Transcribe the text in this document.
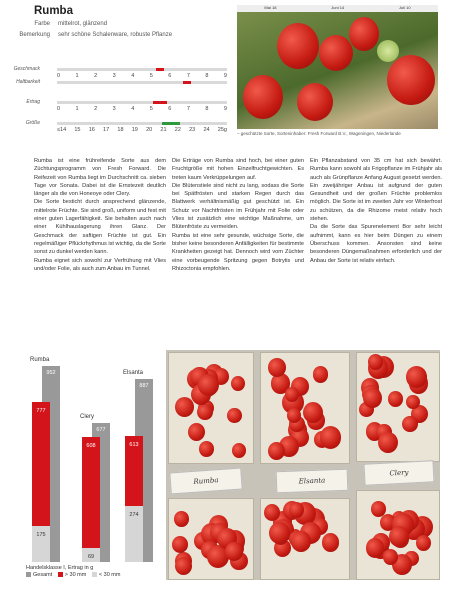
Rumba
Farbe mittelrot, glänzend
Bemerkung sehr schöne Schalenware, robuste Pflanze
Geschmack
0	1	2	3	4	5	6	7	8	9
Haltbarkeit
Ertrag
0	1	2	3	4	5	6	7	8	9
Größe
≤14 15 16 17 18 19 20 21 22 23 24 25g
Mai 18	Juni 14	Juli 10
– geschützte Sorte, Sorteninhaber: Fresh Forward B.V., Wageningen, Niederlande

Rumba ist eine frühreifende Sorte aus dem Züchtungsprogramm von Fresh Forward. Die Reifezeit von Rumba liegt im Durchschnitt ca. sieben Tage vor Sonata. Dabei ist die Ernstezeit deutlich länger als die von Honeoye oder Clery.

Die Sorte besticht durch ansprechend glänzende, mittelrote Früchte. Sie sind groß, uniform und fest mit einer guten Lagerfähigkeit. Sie behalten auch nach einer Kühlhauslagerung ihren Glanz. Der Geschmack der saftigen Früchte ist gut. Ein regelmäßiger Pflückrhythmus ist wichtig, da die Sorte sonst zu dunkel werden kann.

Rumba eignet sich sowohl zur Verfrühung mit Vlies und/oder Folie, als auch zum Anbau im Tunnel.

Die Erträge von Rumba sind hoch, bei einer guten Fruchtgröße mit hohen Einzelfruchtgewichten. Es treten kaum Verkrüppelungen auf.

Die Blütenstiele sind nicht zu lang, sodass die Sorte bei Spätfrösten und starken Regen durch das Blattwerk verhältnismäßig gut geschützt ist. Ein Schutz vor Nachtfrösten im Frühjahr mit Folie oder Vlies ist zusätzlich eine wichtige Maßnahme, um Blütenfröste zu vermeiden.

Rumba ist eine sehr gesunde, wüchsige Sorte, die bisher keine besonderen Anfälligkeiten für bestimmte Krankheiten gezeigt hat. Dennoch wird vom Züchter eine vorbeugende Spritzung gegen Botrytis und Rhizoctonia empfohlen.

Ein Pflanzabstand von 35 cm hat sich bewährt. Rumba kann sowohl als Frigopflanze im Frühjahr als auch als Grünpflanze Anfang August gesetzt werden. Ein zweijähriger Anbau ist aufgrund der guten Gesundheit und der großen Früchte problemlos möglich. Die Sorte ist im zweiten Jahr vor Winterfrost zu schützen, da die Rhizome meist relativ hoch stehen.

Da die Sorte das Spurenelement Bor sehr leicht aufnimmt, kann es hier beim Düngen zu einem Überschuss kommen. Ansonsten sind keine besonderen Düngemaßnahmen erforderlich und der Anbau der Sorte ist relativ einfach.

952
777
175
Rumba
677
608
69
Clery
887
613
274
Elsanta
Handelsklasse I, Ertrag in g
Gesamt > 30 mm < 30 mm
Rumba	Elsanta
Clery
